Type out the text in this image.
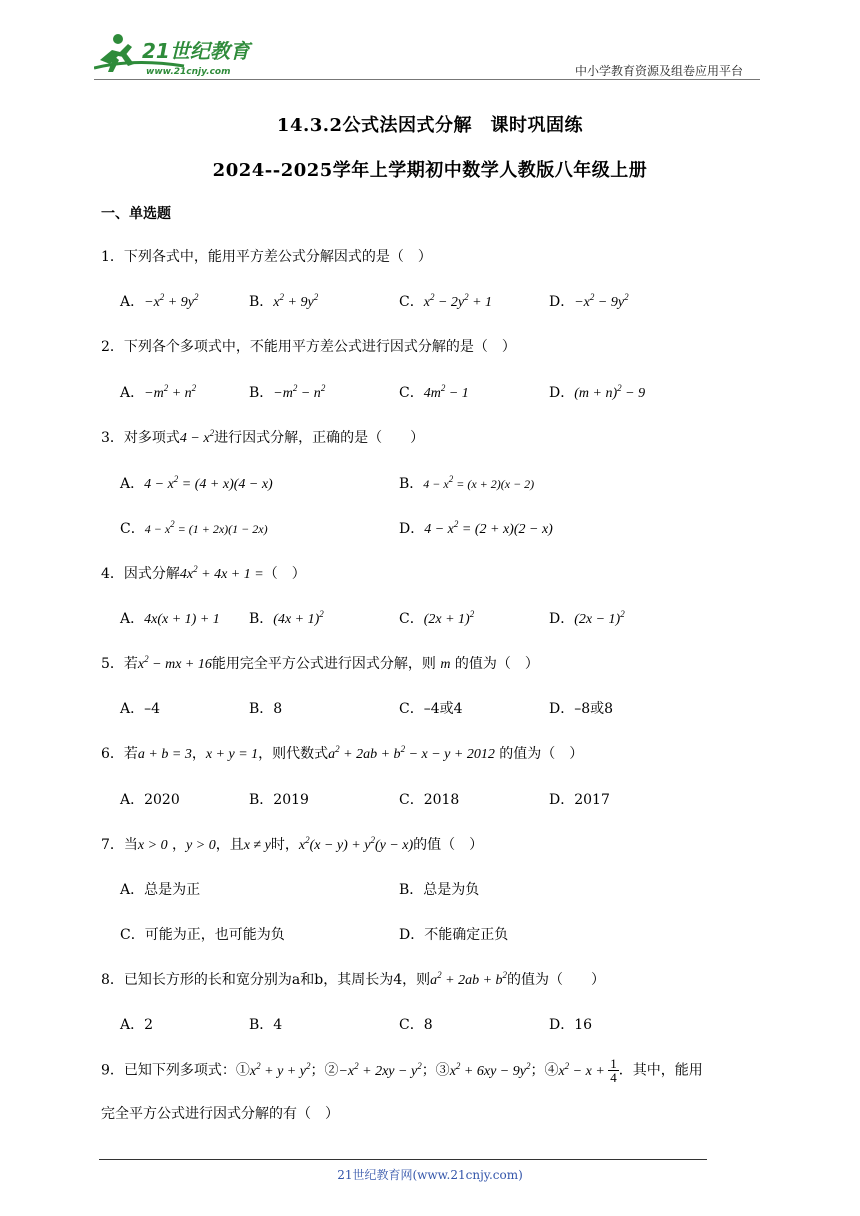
21世纪教育
www.21cnjy.com	中小学教育资源及组卷应用平台
14.3.2公式法因式分解　课时巩固练
2024--2025学年上学期初中数学人教版八年级上册
一、单选题
1．下列各式中，能用平方差公式分解因式的是（　）
A．$-x^2 + 9y^2$	B．$x^2 + 9y^2$	C．$x^2 - 2y^2 + 1$	D．$-x^2 - 9y^2$
2．下列各个多项式中，不能用平方差公式进行因式分解的是（　）
A．$-m^2 + n^2$	B．$-m^2 - n^2$	C．$4m^2 - 1$	D．$(m + n)^2 - 9$
3．对多项式$4 - x^2$进行因式分解，正确的是（　　）
A．$4 - x^2 = (4 + x)(4 - x)$	B．$4 - x^2 = (x + 2)(x - 2)$
C．$4 - x^2 = (1 + 2x)(1 - 2x)$	D．$4 - x^2 = (2 + x)(2 - x)$
4．因式分解$4x^2 + 4x + 1$ =（　）
A．4x(x + 1) + 1 B．$(4x + 1)^2$	C．$(2x + 1)^2$	D．$(2x - 1)^2$
5．若$x^2$ − mx + 16能用完全平方公式进行因式分解，则 m 的值为（　）
A．–4	B．8	C．–4或4	D．–8或8
6．若a + b = 3，x + y = 1，则代数式$a^2 + 2ab + b^2 - x - y + 2012$ 的值为（　）
A．2020	B．2019	C．2018	D．2017
7．当x > 0 ，y > 0，且x ≠ y时，$x^2(x - y) + y^2(y - x)$的值（　）
A．总是为正	B．总是为负
C．可能为正，也可能为负	D．不能确定正负
8．已知长方形的长和宽分别为a和b，其周长为4，则$a^2 + 2ab + b^2$的值为（　　）
A．2	B．4	C．8	D．16
9．已知下列多项式：$①x^2 + y + y^2$；$②-x^2 + 2xy - y^2$；$③x^2 + 6xy - 9y^2$；$④x^2 - x + \frac{1}{4}$ ．其中，能用
完全平方公式进行因式分解的有（　）
21世纪教育网(www.21cnjy.com)
